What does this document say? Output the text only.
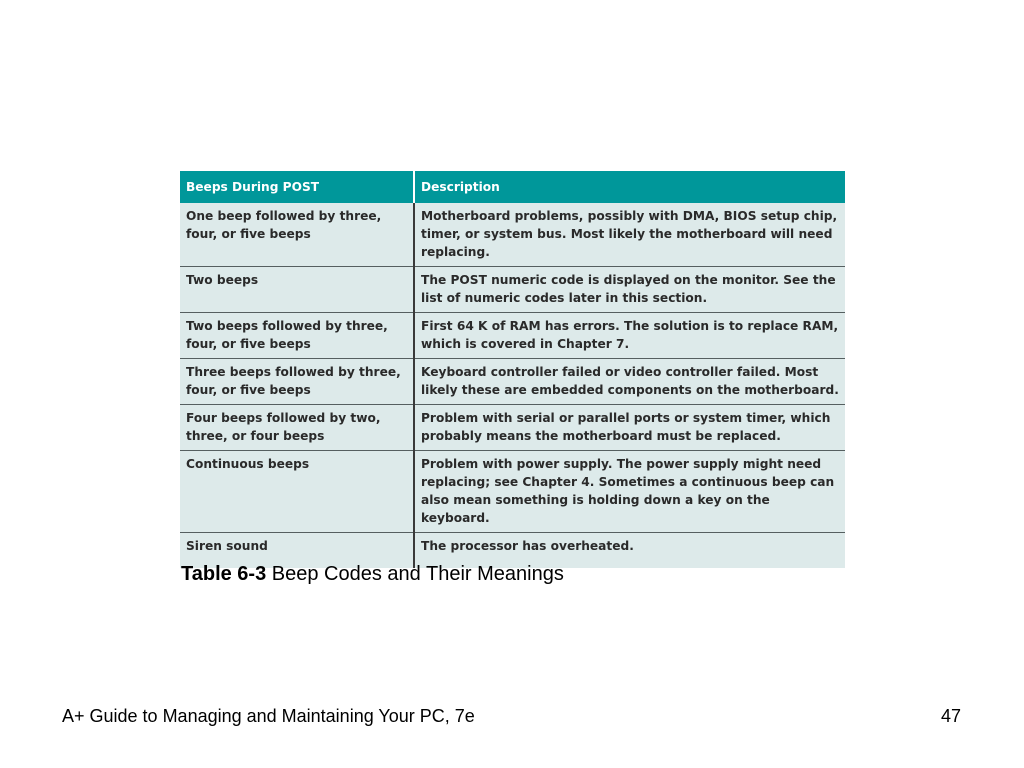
Beeps During POST	Description
One beep followed by three, four, or five beeps	Motherboard problems, possibly with DMA, BIOS setup chip, timer, or system bus. Most likely the motherboard will need replacing.
Two beeps	The POST numeric code is displayed on the monitor. See the list of numeric codes later in this section.
Two beeps followed by three, four, or five beeps	First 64 K of RAM has errors. The solution is to replace RAM, which is covered in Chapter 7.
Three beeps followed by three, four, or five beeps	Keyboard controller failed or video controller failed. Most likely these are embedded components on the motherboard.
Four beeps followed by two, three, or four beeps	Problem with serial or parallel ports or system timer, which probably means the motherboard must be replaced.
Continuous beeps	Problem with power supply. The power supply might need replacing; see Chapter 4. Sometimes a continuous beep can also mean something is holding down a key on the keyboard.
Siren sound	The processor has overheated.
Table 6-3 Beep Codes and Their Meanings
A+ Guide to Managing and Maintaining Your PC, 7e	47
